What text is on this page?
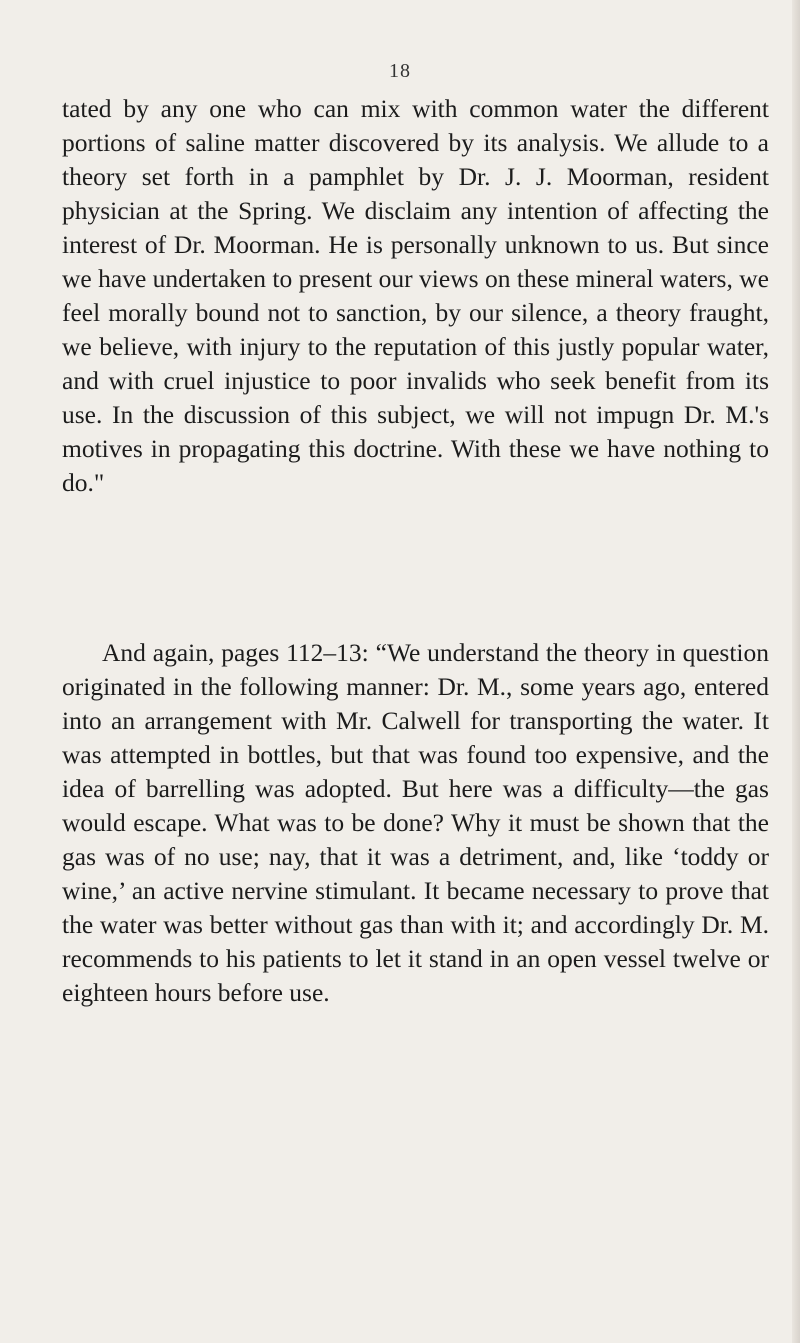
18

tated by any one who can mix with common water the different portions of saline matter discovered by its analysis. We allude to a theory set forth in a pamphlet by Dr. J. J. Moorman, resident physician at the Spring. We disclaim any intention of affecting the interest of Dr. Moorman. He is personally unknown to us. But since we have undertaken to present our views on these mineral waters, we feel morally bound not to sanction, by our silence, a theory fraught, we believe, with injury to the reputation of this justly popular water, and with cruel injustice to poor invalids who seek benefit from its use. In the discussion of this subject, we will not impugn Dr. M.'s motives in propagating this doctrine. With these we have nothing to do."

And again, pages 112–13: “We understand the theory in question originated in the following manner: Dr. M., some years ago, entered into an arrangement with Mr. Calwell for transporting the water. It was attempted in bottles, but that was found too expensive, and the idea of barrelling was adopted. But here was a difficulty—the gas would escape. What was to be done? Why it must be shown that the gas was of no use; nay, that it was a detriment, and, like ‘toddy or wine,’ an active nervine stimulant. It became necessary to prove that the water was better without gas than with it; and accordingly Dr. M. recommends to his patients to let it stand in an open vessel twelve or eighteen hours before use.
